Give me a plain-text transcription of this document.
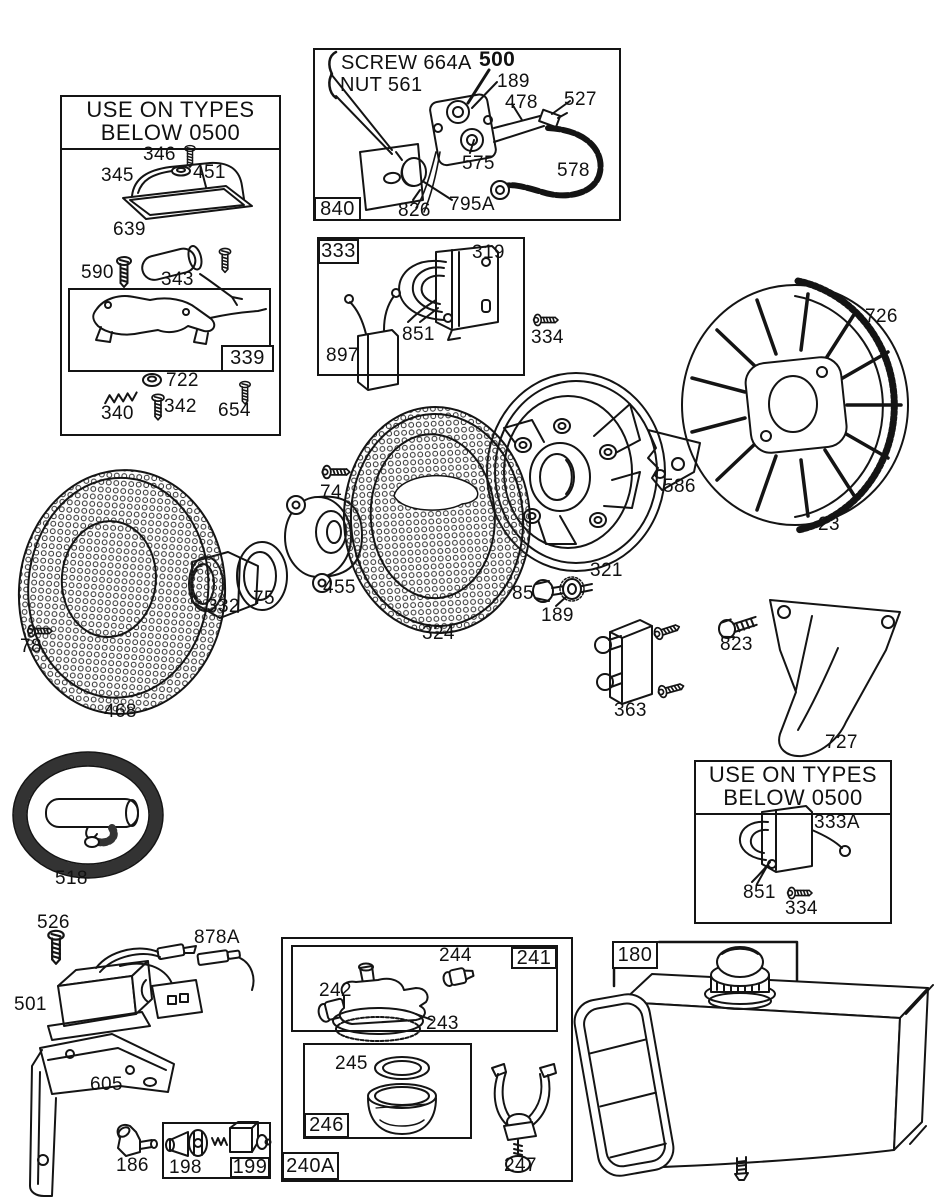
USE ON TYPES
BELOW 0500
USE ON TYPES
BELOW 0500
339
840
333
241
246
240A
199
180
346
451
345
639
590 343
722
340 342 654
SCREW 664A
NUT 561
500
189
478 527
575	578
826 795A
319
851
897
334
726
23
586
321
74
455
324
332 75
468
78
85
189
363
823
727
518
333A
851
334
526
878A
501
605
186 198
244
242
243
245
247
